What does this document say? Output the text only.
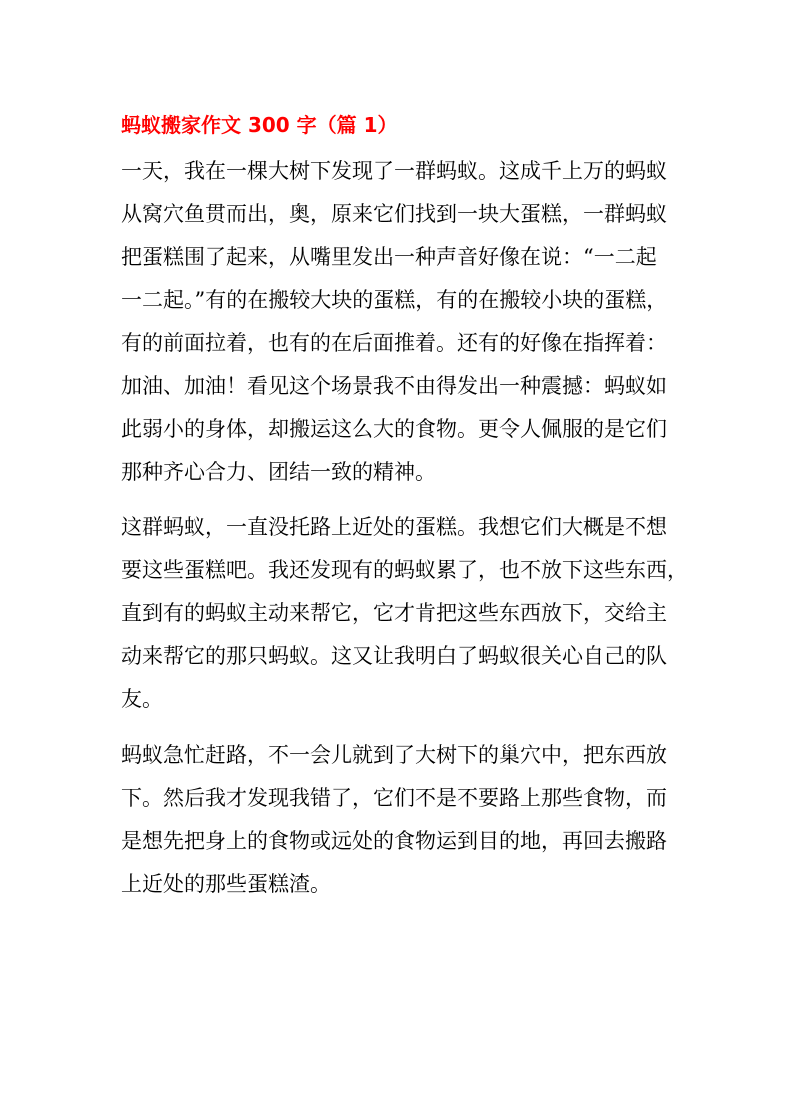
蚂蚁搬家作文 300 字（篇 1）
一天，我在一棵大树下发现了一群蚂蚁。这成千上万的蚂蚁
从窝穴鱼贯而出，奥，原来它们找到一块大蛋糕，一群蚂蚁
把蛋糕围了起来，从嘴里发出一种声音好像在说：“一二起
一二起。”有的在搬较大块的蛋糕，有的在搬较小块的蛋糕，
有的前面拉着，也有的在后面推着。还有的好像在指挥着：
加油、加油！看见这个场景我不由得发出一种震撼：蚂蚁如
此弱小的身体，却搬运这么大的食物。更令人佩服的是它们
那种齐心合力、团结一致的精神。
这群蚂蚁，一直没托路上近处的蛋糕。我想它们大概是不想
要这些蛋糕吧。我还发现有的蚂蚁累了，也不放下这些东西，
直到有的蚂蚁主动来帮它，它才肯把这些东西放下，交给主
动来帮它的那只蚂蚁。这又让我明白了蚂蚁很关心自己的队
友。
蚂蚁急忙赶路，不一会儿就到了大树下的巢穴中，把东西放
下。然后我才发现我错了，它们不是不要路上那些食物，而
是想先把身上的食物或远处的食物运到目的地，再回去搬路
上近处的那些蛋糕渣。
